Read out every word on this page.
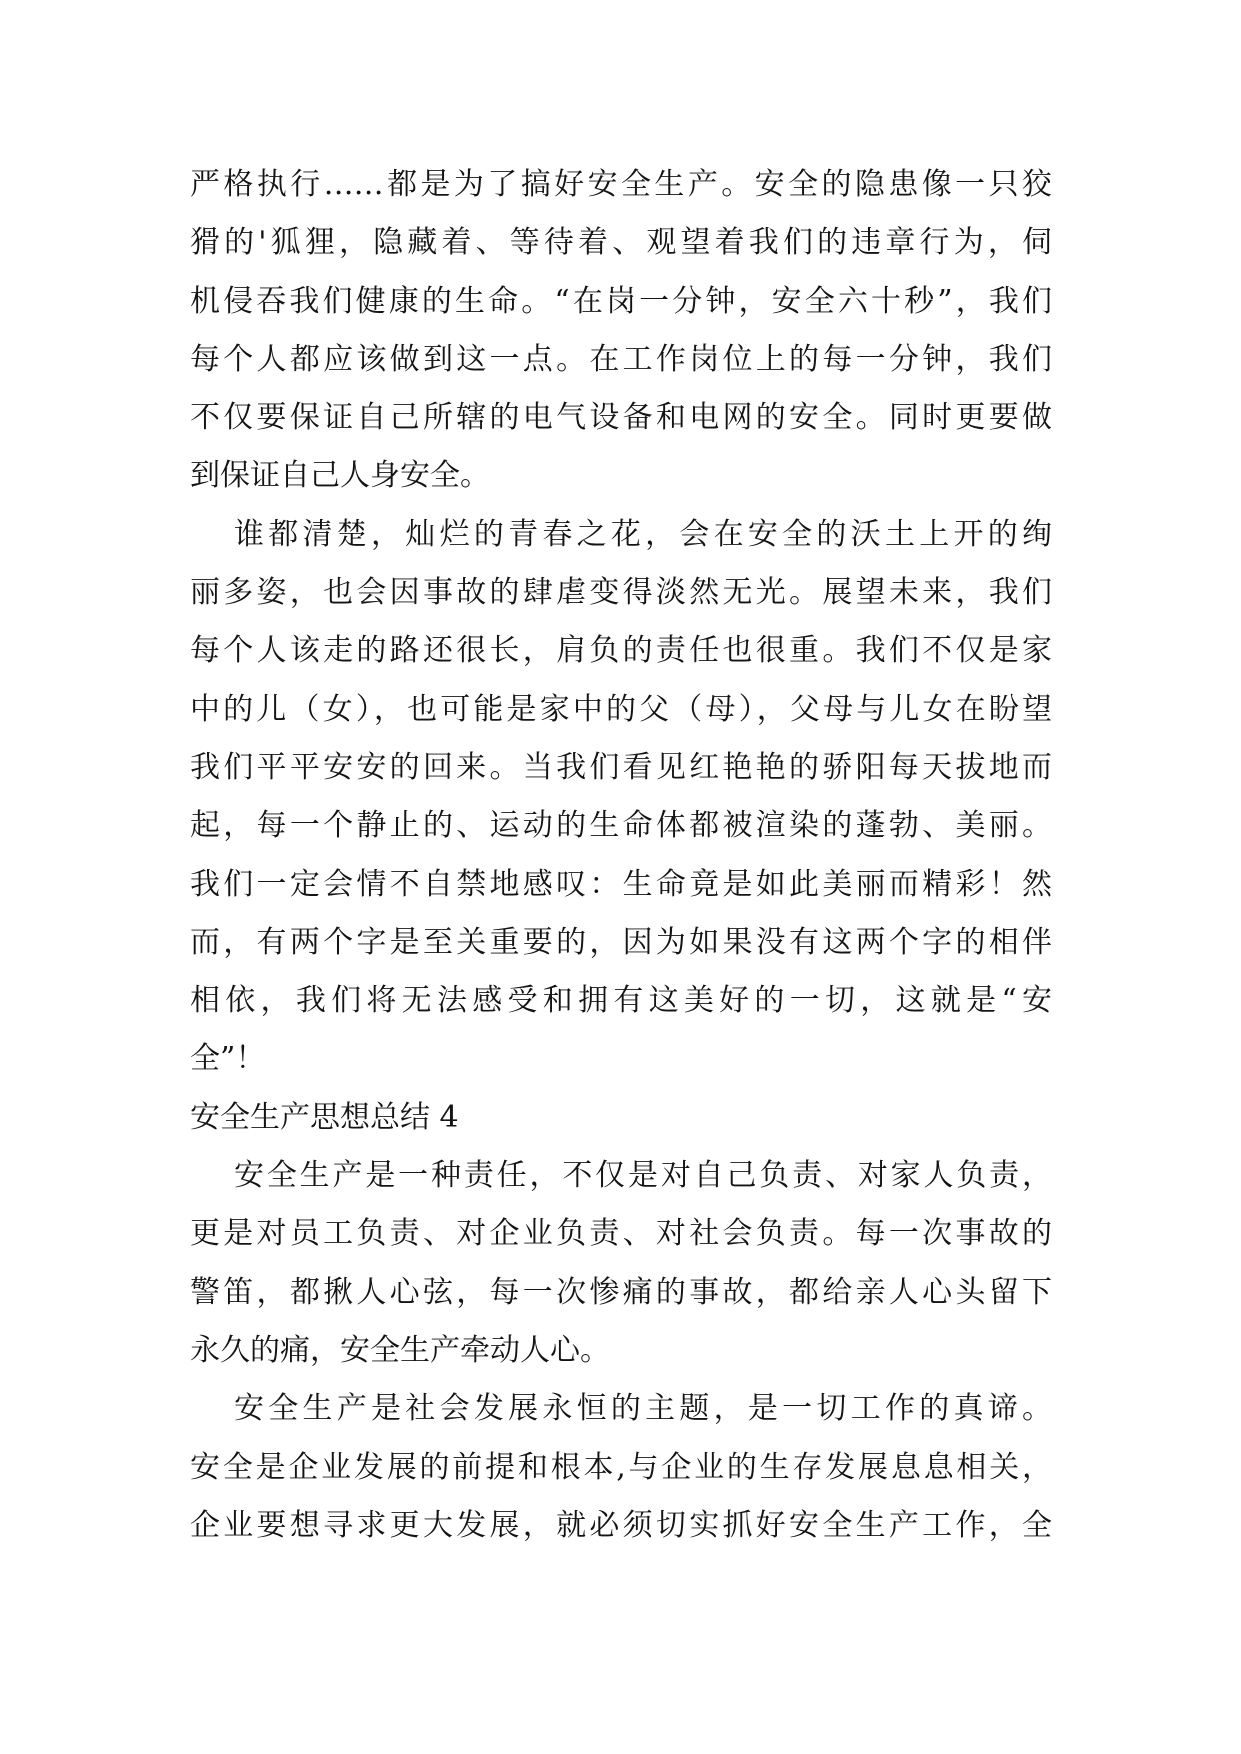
严格执行……都是为了搞好安全生产。安全的隐患像一只狡
猾的'狐狸，隐藏着、等待着、观望着我们的违章行为，伺
机侵吞我们健康的生命。“在岗一分钟，安全六十秒”，我们
每个人都应该做到这一点。在工作岗位上的每一分钟，我们
不仅要保证自己所辖的电气设备和电网的安全。同时更要做
到保证自己人身安全。
谁都清楚，灿烂的青春之花，会在安全的沃土上开的绚
丽多姿，也会因事故的肆虐变得淡然无光。展望未来，我们
每个人该走的路还很长，肩负的责任也很重。我们不仅是家
中的儿（女），也可能是家中的父（母），父母与儿女在盼望
我们平平安安的回来。当我们看见红艳艳的骄阳每天拔地而
起，每一个静止的、运动的生命体都被渲染的蓬勃、美丽。
我们一定会情不自禁地感叹：生命竟是如此美丽而精彩！然
而，有两个字是至关重要的，因为如果没有这两个字的相伴
相依，我们将无法感受和拥有这美好的一切，这就是“安
全”！
安全生产思想总结 4
安全生产是一种责任，不仅是对自己负责、对家人负责，
更是对员工负责、对企业负责、对社会负责。每一次事故的
警笛，都揪人心弦，每一次惨痛的事故，都给亲人心头留下
永久的痛，安全生产牵动人心。
安全生产是社会发展永恒的主题，是一切工作的真谛。
安全是企业发展的前提和根本,与企业的生存发展息息相关，
企业要想寻求更大发展，就必须切实抓好安全生产工作，全
